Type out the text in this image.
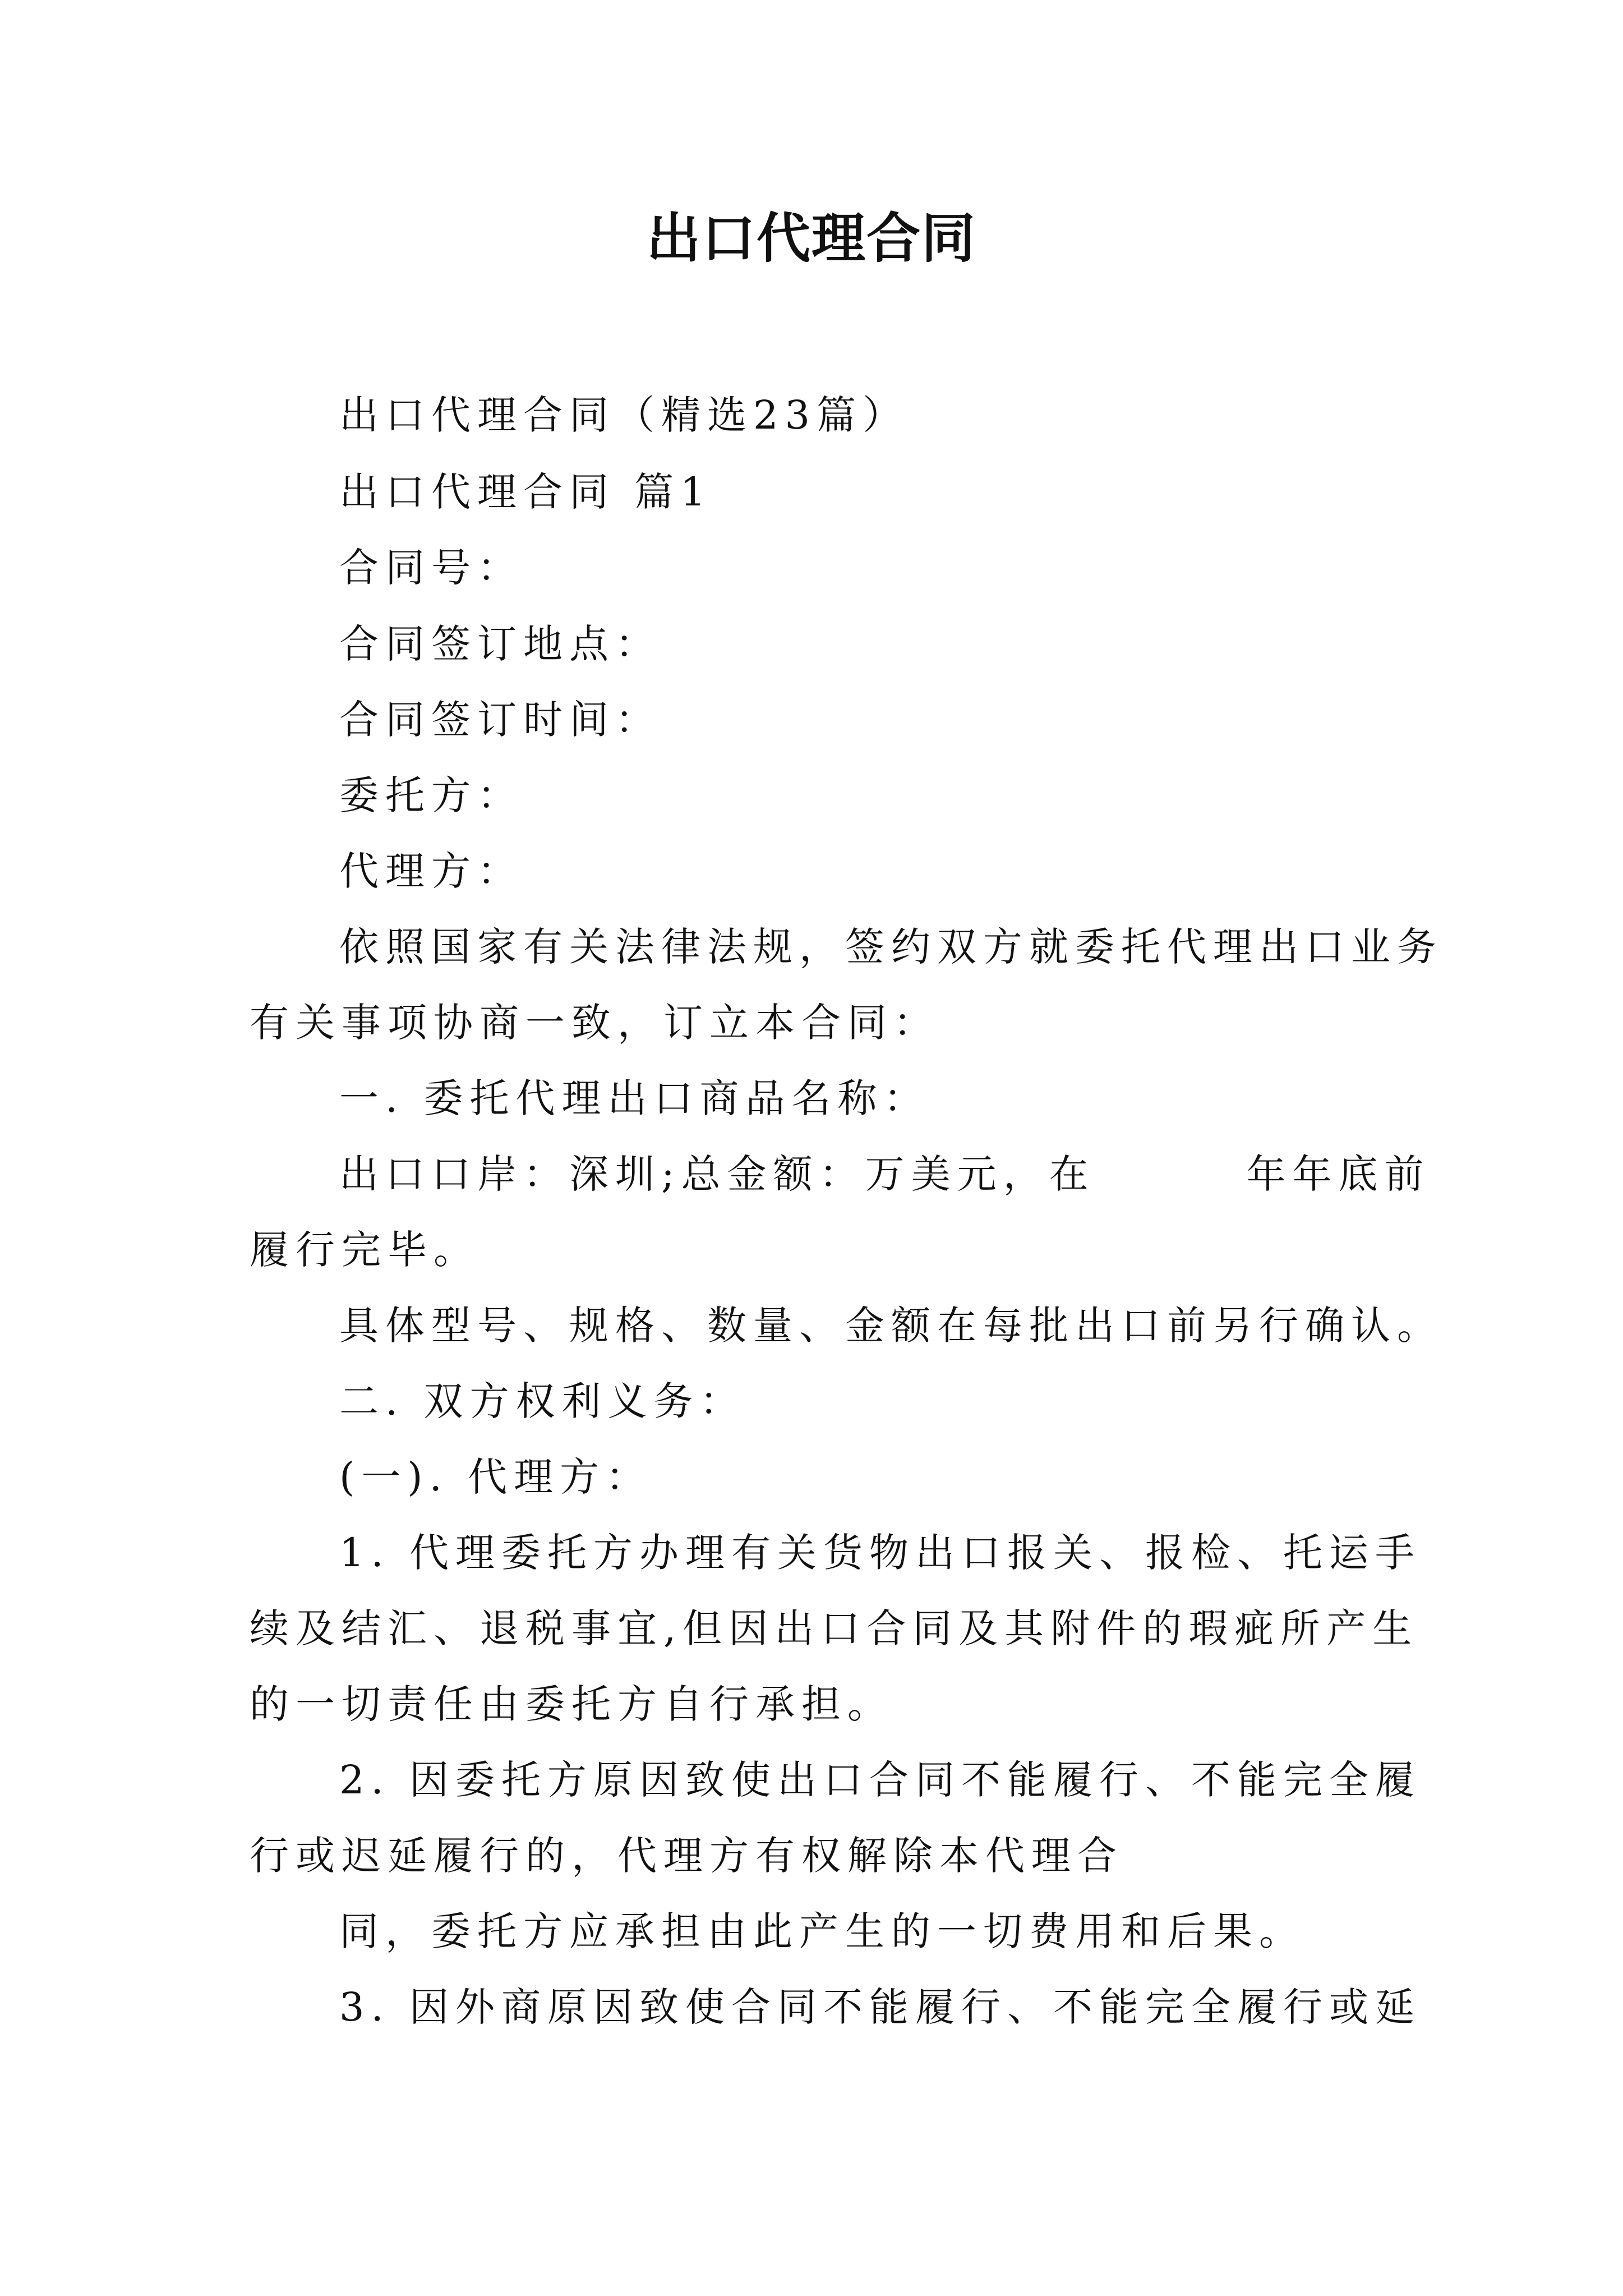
出口代理合同
出口代理合同（精选23篇）
出口代理合同 篇1
合同号：
合同签订地点：
合同签订时间：
委托方：
代理方：
依照国家有关法律法规，签约双方就委托代理出口业务
有关事项协商一致，订立本合同：
一. 委托代理出口商品名称：
出口口岸：深圳;总金额：万美元，在	年年底前
履行完毕。
具体型号、规格、数量、金额在每批出口前另行确认。
二. 双方权利义务：
(一). 代理方：
1. 代理委托方办理有关货物出口报关、报检、托运手
续及结汇、退税事宜,但因出口合同及其附件的瑕疵所产生
的一切责任由委托方自行承担。
2. 因委托方原因致使出口合同不能履行、不能完全履
行或迟延履行的，代理方有权解除本代理合
同，委托方应承担由此产生的一切费用和后果。
3. 因外商原因致使合同不能履行、不能完全履行或延
